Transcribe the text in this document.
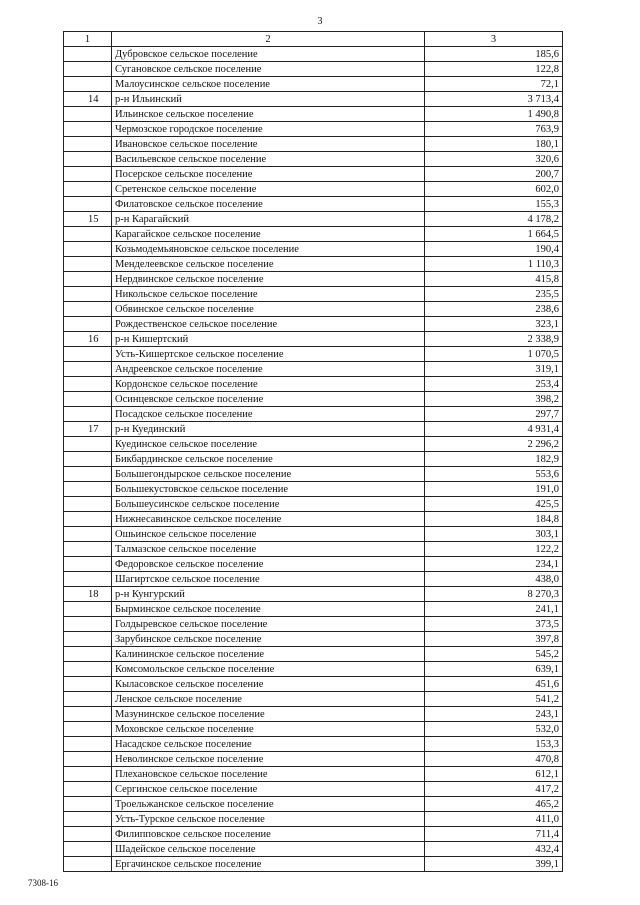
3
1	2	3
	Дубровское сельское поселение	185,6
	Сугановское сельское поселение	122,8
	Малоусинское сельское поселение	72,1
14	р-н Ильинский	3 713,4
	Ильинское сельское поселение	1 490,8
	Чермозское городское поселение	763,9
	Ивановское сельское поселение	180,1
	Васильевское сельское поселение	320,6
	Посерское сельское поселение	200,7
	Сретенское сельское поселение	602,0
	Филатовское сельское поселение	155,3
15	р-н Карагайский	4 178,2
	Карагайское сельское поселение	1 664,5
	Козьмодемьяновское сельское поселение	190,4
	Менделеевское сельское поселение	1 110,3
	Нердвинское сельское поселение	415,8
	Никольское сельское поселение	235,5
	Обвинское сельское поселение	238,6
	Рождественское сельское поселение	323,1
16	р-н Кишертский	2 338,9
	Усть-Кишертское сельское поселение	1 070,5
	Андреевское сельское поселение	319,1
	Кордонское сельское поселение	253,4
	Осинцевское сельское поселение	398,2
	Посадское сельское поселение	297,7
17	р-н Куединский	4 931,4
	Куединское сельское поселение	2 296,2
	Бикбардинское сельское поселение	182,9
	Большегондырское сельское поселение	553,6
	Большекустовское сельское поселение	191,0
	Большеусинское сельское поселение	425,5
	Нижнесавинское сельское поселение	184,8
	Ошьинское сельское поселение	303,1
	Талмазское сельское поселение	122,2
	Федоровское сельское поселение	234,1
	Шагиртское сельское поселение	438,0
18	р-н Кунгурский	8 270,3
	Бырминское сельское поселение	241,1
	Голдыревское сельское поселение	373,5
	Зарубинское сельское поселение	397,8
	Калининское сельское поселение	545,2
	Комсомольское сельское поселение	639,1
	Кыласовское сельское поселение	451,6
	Ленское сельское поселение	541,2
	Мазунинское сельское поселение	243,1
	Моховское сельское поселение	532,0
	Насадское сельское поселение	153,3
	Неволинское сельское поселение	470,8
	Плехановское сельское поселение	612,1
	Сергинское сельское поселение	417,2
	Троельжанское сельское поселение	465,2
	Усть-Турское сельское поселение	411,0
	Филипповское сельское поселение	711,4
	Шадейское сельское поселение	432,4
	Ергачинское сельское поселение	399,1
7308-16
